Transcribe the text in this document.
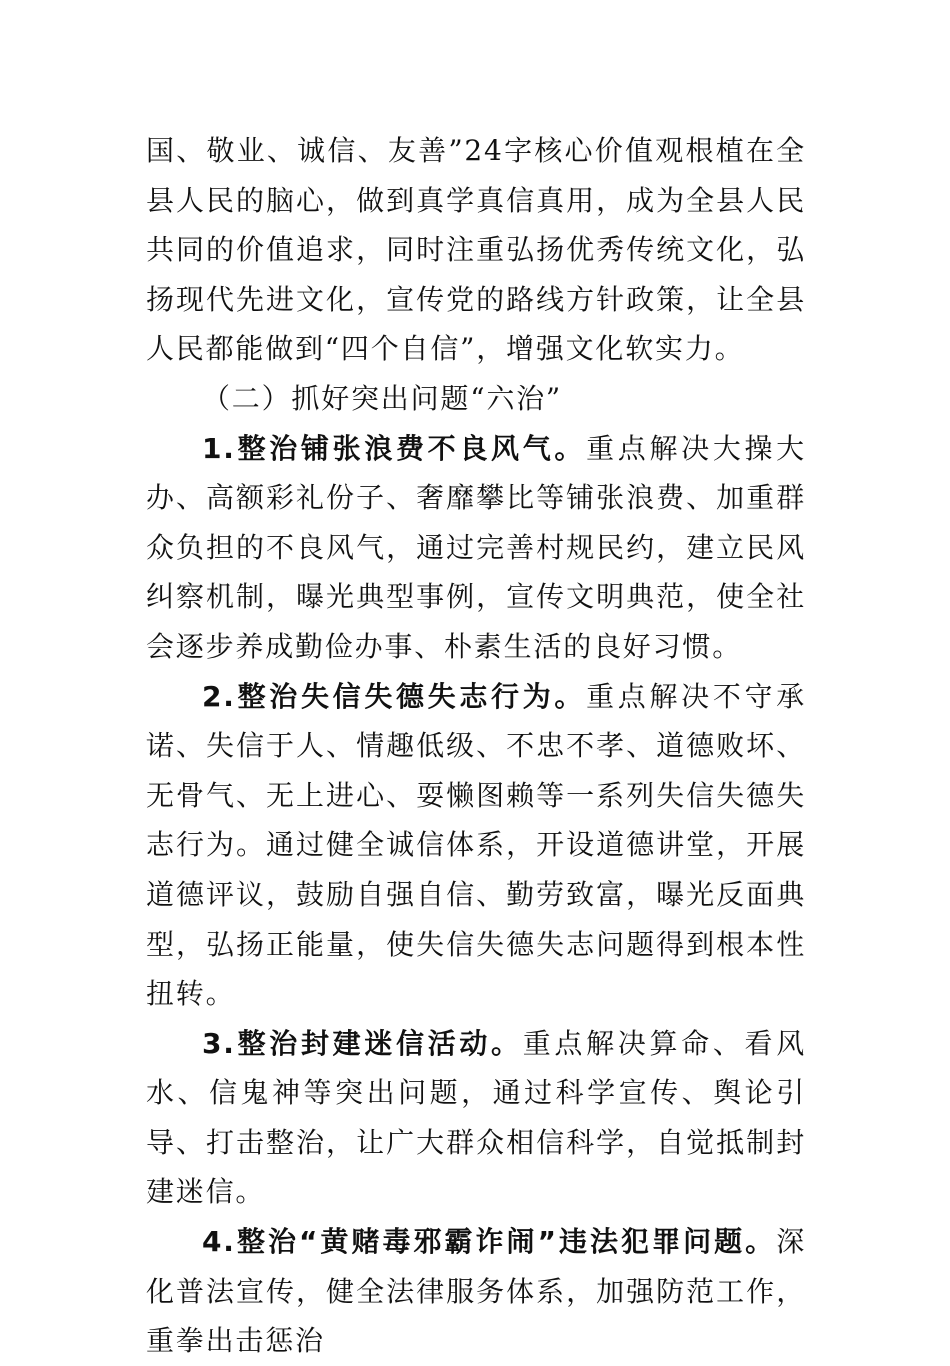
国、敬业、诚信、友善”24字核心价值观根植在全县人民的脑心，做到真学真信真用，成为全县人民共同的价值追求，同时注重弘扬优秀传统文化，弘扬现代先进文化，宣传党的路线方针政策，让全县人民都能做到“四个自信”，增强文化软实力。

（二）抓好突出问题“六治”

1.整治铺张浪费不良风气。重点解决大操大办、高额彩礼份子、奢靡攀比等铺张浪费、加重群众负担的不良风气，通过完善村规民约，建立民风纠察机制，曝光典型事例，宣传文明典范，使全社会逐步养成勤俭办事、朴素生活的良好习惯。

2.整治失信失德失志行为。重点解决不守承诺、失信于人、情趣低级、不忠不孝、道德败坏、无骨气、无上进心、耍懒图赖等一系列失信失德失志行为。通过健全诚信体系，开设道德讲堂，开展道德评议，鼓励自强自信、勤劳致富，曝光反面典型，弘扬正能量，使失信失德失志问题得到根本性扭转。

3.整治封建迷信活动。重点解决算命、看风水、信鬼神等突出问题，通过科学宣传、舆论引导、打击整治，让广大群众相信科学，自觉抵制封建迷信。

4.整治“黄赌毒邪霸诈闹”违法犯罪问题。深化普法宣传，健全法律服务体系，加强防范工作，重拳出击惩治
